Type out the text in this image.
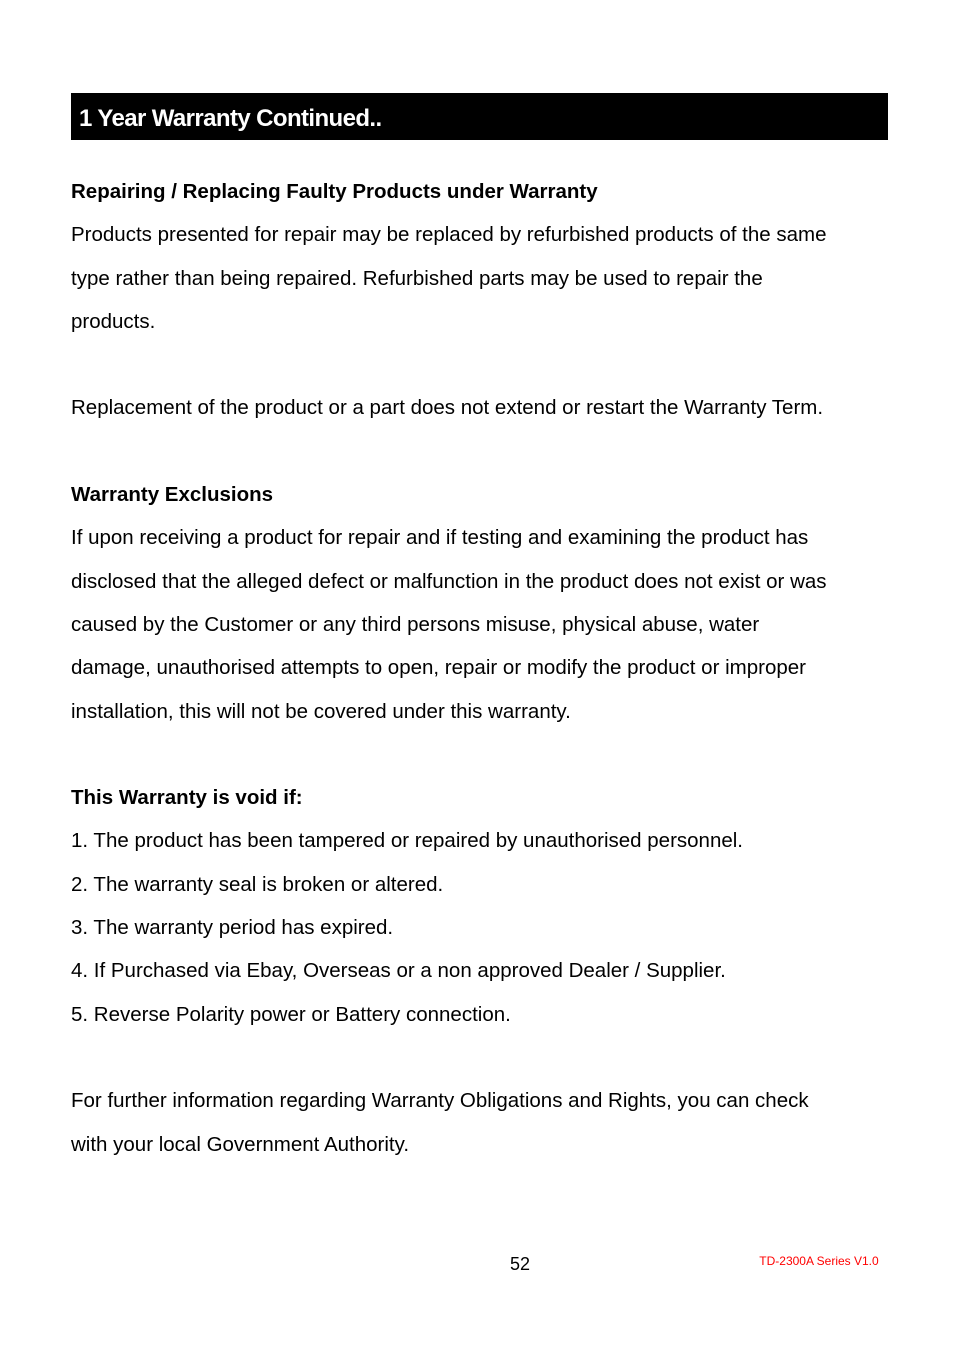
1 Year Warranty Continued..
Repairing / Replacing Faulty Products under Warranty
Products presented for repair may be replaced by refurbished products of the same
type rather than being repaired. Refurbished parts may be used to repair the
products.
Replacement of the product or a part does not extend or restart the Warranty Term.
Warranty Exclusions
If upon receiving a product for repair and if testing and examining the product has
disclosed that the alleged defect or malfunction in the product does not exist or was
caused by the Customer or any third persons misuse, physical abuse, water
damage, unauthorised attempts to open, repair or modify the product or improper
installation, this will not be covered under this warranty.
This Warranty is void if:
1. The product has been tampered or repaired by unauthorised personnel.
2. The warranty seal is broken or altered.
3. The warranty period has expired.
4. If Purchased via Ebay, Overseas or a non approved Dealer / Supplier.
5. Reverse Polarity power or Battery connection.
For further information regarding Warranty Obligations and Rights, you can check
with your local Government Authority.
52	TD-2300A Series V1.0
